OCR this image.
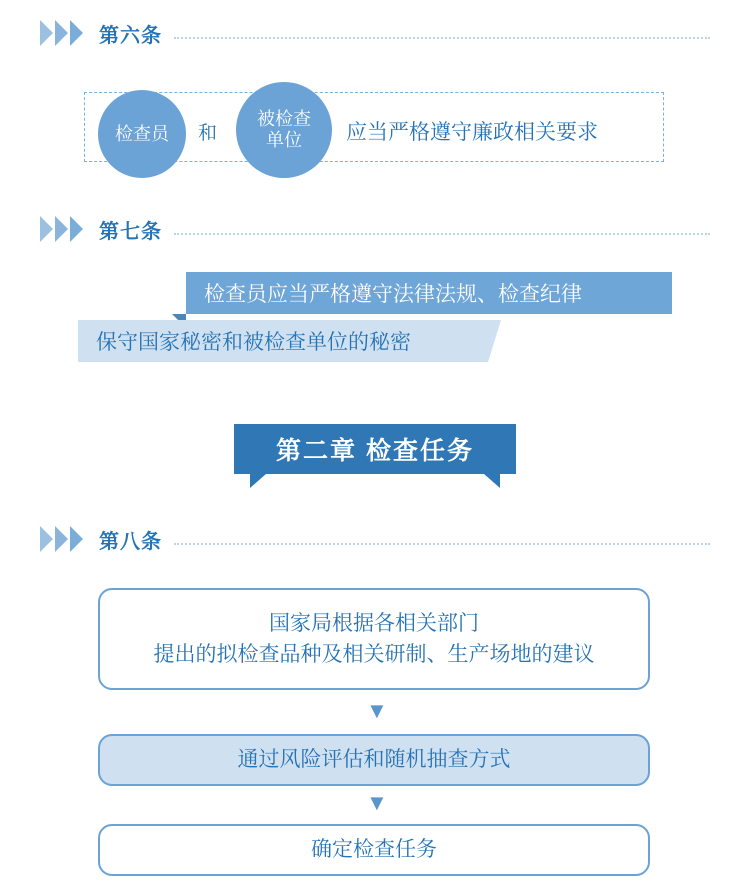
第六条
检查员	和
被检查
单位	应当严格遵守廉政相关要求
第七条
检查员应当严格遵守法律法规、检查纪律
保守国家秘密和被检查单位的秘密
第二章 检查任务
第八条
国家局根据各相关部门
提出的拟检查品种及相关研制、生产场地的建议
▼
通过风险评估和随机抽查方式
▼
确定检查任务
